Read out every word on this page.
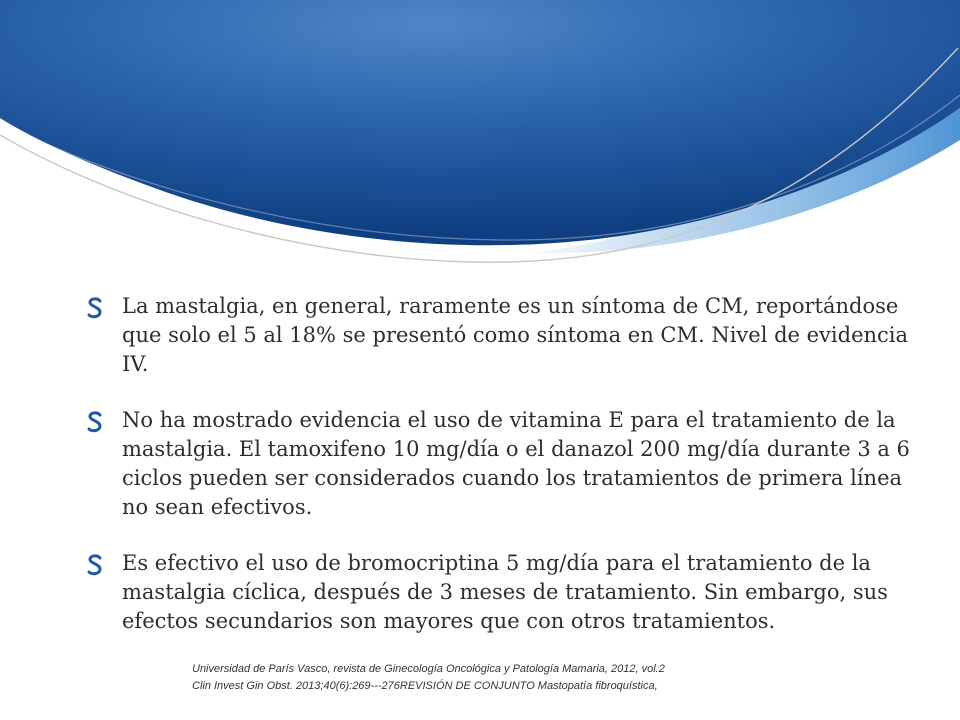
La mastalgia, en general, raramente es un síntoma de CM, reportándose que solo el 5 al 18% se presentó como síntoma en CM. Nivel de evidencia IV.
No ha mostrado evidencia el uso de vitamina E para el tratamiento de la mastalgia. El tamoxifeno 10 mg/día o el danazol 200 mg/día durante 3 a 6 ciclos pueden ser considerados cuando los tratamientos de primera línea no sean efectivos.
Es efectivo el uso de bromocriptina 5 mg/día para el tratamiento de la mastalgia cíclica, después de 3 meses de tratamiento. Sin embargo, sus efectos secundarios son mayores que con otros tratamientos.
Universidad de París Vasco, revista de Ginecología Oncológica y Patología Mamaria, 2012, vol.2
Clin Invest Gin Obst. 2013;40(6):269---276REVISIÓN DE CONJUNTO Mastopatía fibroquística,
